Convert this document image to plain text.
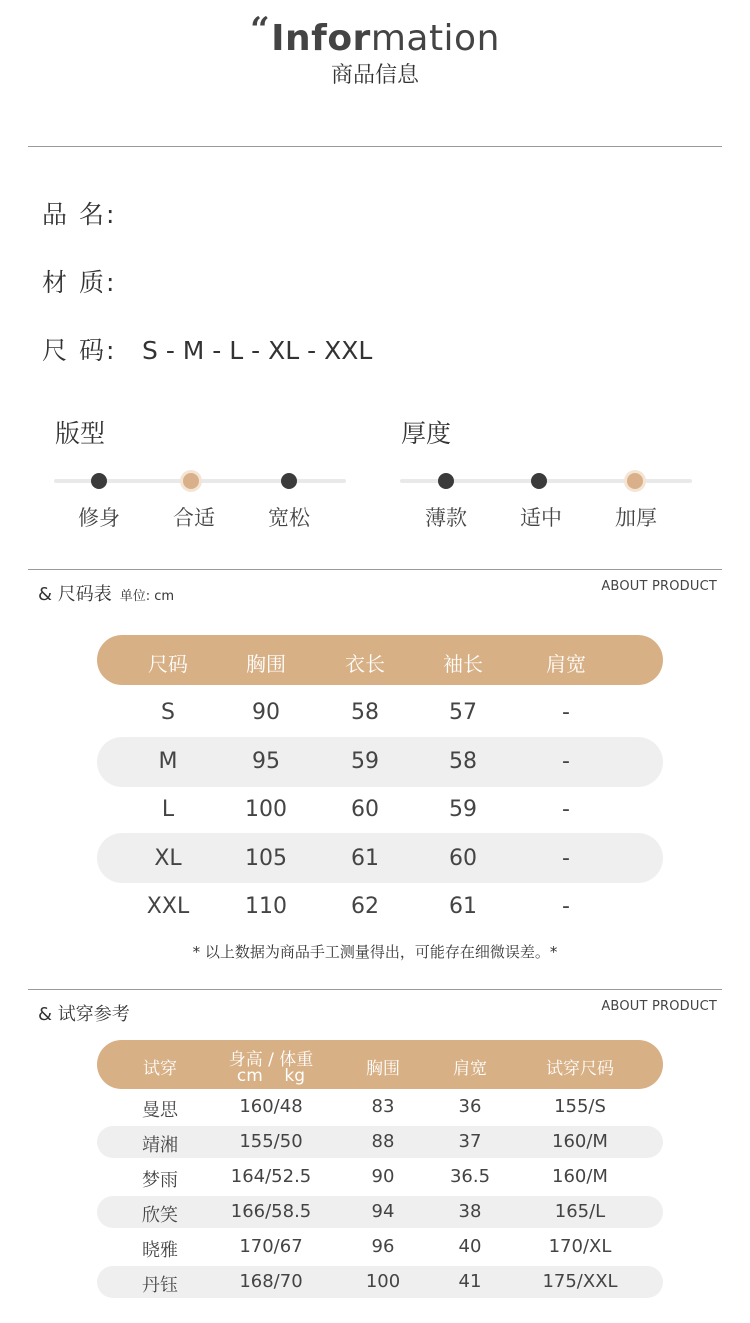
“Information
商品信息
品 名:
材 质:
尺 码: S - M - L - XL - XXL
版型
修身	合适	宽松
厚度
薄款	适中	加厚
& 尺码表 单位: cm
ABOUT PRODUCT
尺码	胸围	衣长	袖长	肩宽
S	90	58	57	-
M	95	59	58	-
L	100	60	59	-
XL	105	61	60	-
XXL	110	62	61	-
* 以上数据为商品手工测量得出，可能存在细微误差。*
& 试穿参考	ABOUT PRODUCT
试穿	身高 / 体重	胸围	肩宽	试穿尺码
cm    kg
曼思	160/48	83	36	155/S
靖湘	155/50	88	37	160/M
梦雨	164/52.5	90	36.5	160/M
欣笑	166/58.5	94	38	165/L
晓雅	170/67	96	40	170/XL
丹钰	168/70	100	41	175/XXL
